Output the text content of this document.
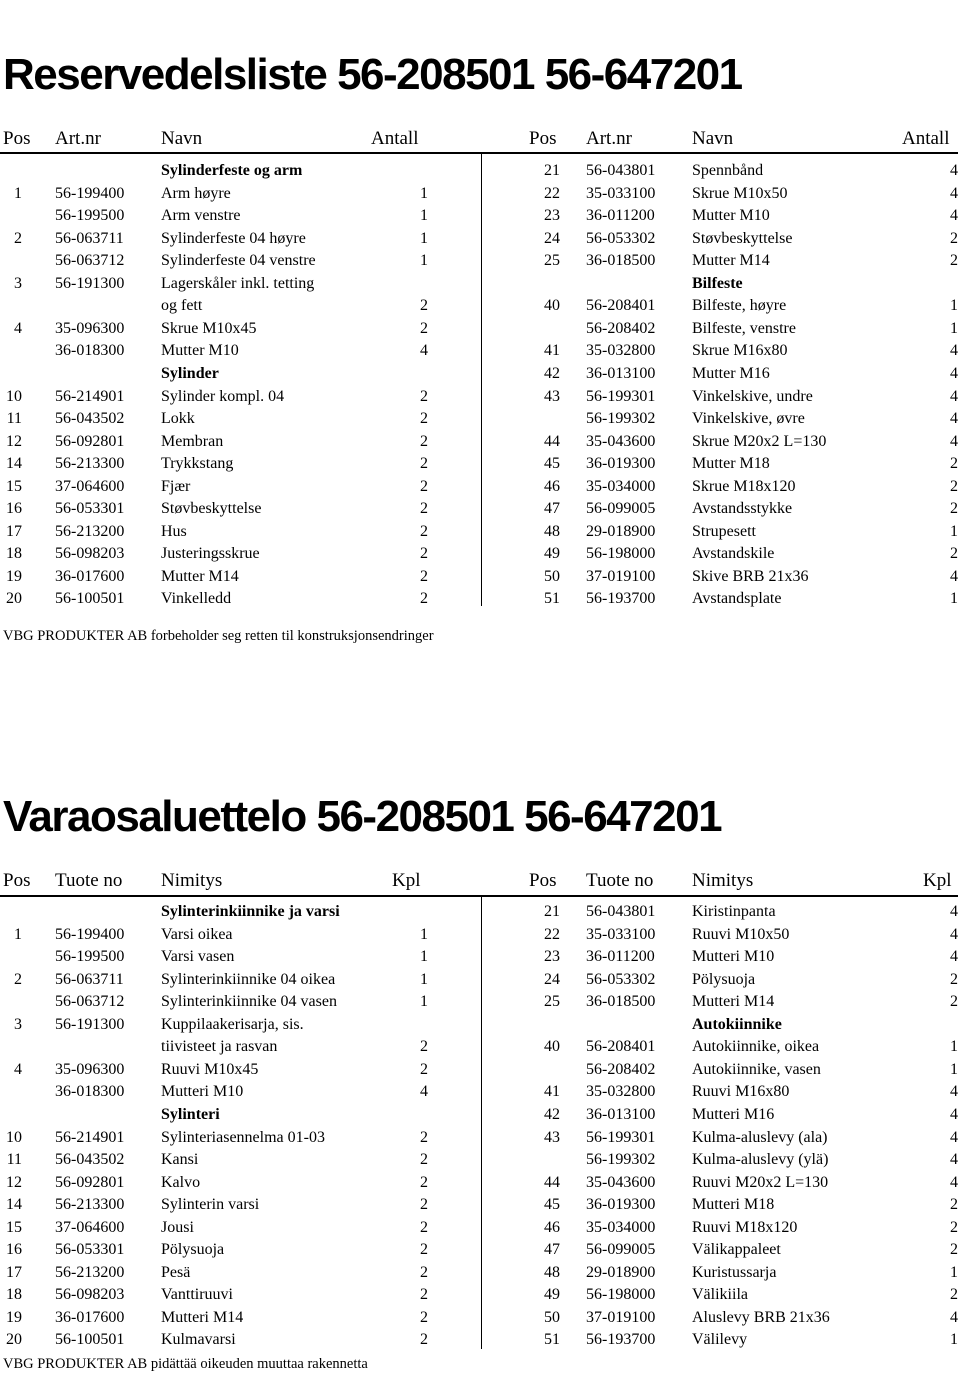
Reservedelsliste 56-208501 56-647201
Pos Art.nr	Navn	Antall	Pos Art.nr	Navn	Antall
Sylinderfeste og arm
1 56-199400 Arm høyre	1
56-199500 Arm venstre	1
2 56-063711 Sylinderfeste 04 høyre	1
56-063712 Sylinderfeste 04 venstre	1
3 56-191300 Lagerskåler inkl. tetting
og fett	2
4 35-096300 Skrue M10x45	2
36-018300 Mutter M10	4
Sylinder
10 56-214901 Sylinder kompl. 04	2
11 56-043502 Lokk	2
12 56-092801 Membran	2
14 56-213300 Trykkstang	2
15 37-064600 Fjær	2
16 56-053301 Støvbeskyttelse	2
17 56-213200 Hus	2
18 56-098203 Justeringsskrue	2
19 36-017600 Mutter M14	2
20 56-100501 Vinkelledd	2
21 56-043801 Spennbånd	4
22 35-033100 Skrue M10x50	4
23 36-011200 Mutter M10	4
24 56-053302 Støvbeskyttelse	2
25 36-018500 Mutter M14	2
Bilfeste
40 56-208401 Bilfeste, høyre	1
56-208402 Bilfeste, venstre	1
41 35-032800 Skrue M16x80	4
42 36-013100 Mutter M16	4
43 56-199301 Vinkelskive, undre	4
56-199302 Vinkelskive, øvre	4
44 35-043600 Skrue M20x2 L=130	4
45 36-019300 Mutter M18	2
46 35-034000 Skrue M18x120	2
47 56-099005 Avstandsstykke	2
48 29-018900 Strupesett	1
49 56-198000 Avstandskile	2
50 37-019100 Skive BRB 21x36	4
51 56-193700 Avstandsplate	1
VBG PRODUKTER AB forbeholder seg retten til konstruksjonsendringer
Varaosaluettelo 56-208501 56-647201
Pos Tuote no Nimitys	Kpl	Pos Tuote no Nimitys	Kpl
Sylinterinkiinnike ja varsi
1 56-199400 Varsi oikea	1
56-199500 Varsi vasen	1
2 56-063711 Sylinterinkiinnike 04 oikea	1
56-063712 Sylinterinkiinnike 04 vasen	1
3 56-191300 Kuppilaakerisarja, sis.
tiivisteet ja rasvan	2
4 35-096300 Ruuvi M10x45	2
36-018300 Mutteri M10	4
Sylinteri
10 56-214901 Sylinteriasennelma 01-03	2
11 56-043502 Kansi	2
12 56-092801 Kalvo	2
14 56-213300 Sylinterin varsi	2
15 37-064600 Jousi	2
16 56-053301 Pölysuoja	2
17 56-213200 Pesä	2
18 56-098203 Vanttiruuvi	2
19 36-017600 Mutteri M14	2
20 56-100501 Kulmavarsi	2
21 56-043801 Kiristinpanta	4
22 35-033100 Ruuvi M10x50	4
23 36-011200 Mutteri M10	4
24 56-053302 Pölysuoja	2
25 36-018500 Mutteri M14	2
Autokiinnike
40 56-208401 Autokiinnike, oikea	1
56-208402 Autokiinnike, vasen	1
41 35-032800 Ruuvi M16x80	4
42 36-013100 Mutteri M16	4
43 56-199301 Kulma-aluslevy (ala)	4
56-199302 Kulma-aluslevy (ylä)	4
44 35-043600 Ruuvi M20x2 L=130	4
45 36-019300 Mutteri M18	2
46 35-034000 Ruuvi M18x120	2
47 56-099005 Välikappaleet	2
48 29-018900 Kuristussarja	1
49 56-198000 Välikiila	2
50 37-019100 Aluslevy BRB 21x36	4
51 56-193700 Välilevy	1
VBG PRODUKTER AB pidättää oikeuden muuttaa rakennetta
